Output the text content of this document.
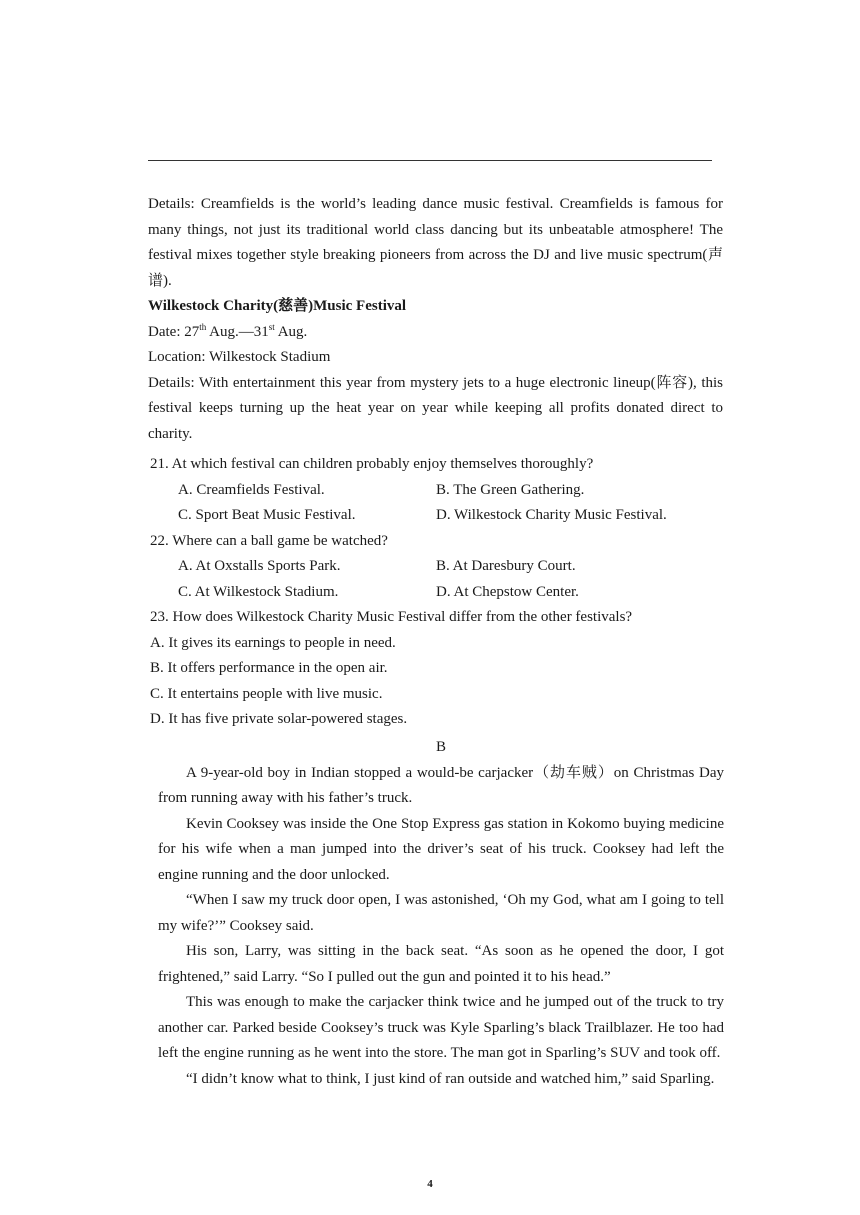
Details: Creamfields is the world’s leading dance music festival. Creamfields is famous for many things, not just its traditional world class dancing but its unbeatable atmosphere! The festival mixes together style breaking pioneers from across the DJ and live music spectrum(声谱).

Wilkestock Charity(慈善)Music Festival

Date: 27th Aug.—31st Aug.

Location: Wilkestock Stadium

Details: With entertainment this year from mystery jets to a huge electronic lineup(阵容), this festival keeps turning up the heat year on year while keeping all profits donated direct to charity.

21. At which festival can children probably enjoy themselves thoroughly?

A. Creamfields Festival.	B. The Green Gathering.
C. Sport Beat Music Festival.	D. Wilkestock Charity Music Festival.

22. Where can a ball game be watched?

A. At Oxstalls Sports Park.	B. At Daresbury Court.
C. At Wilkestock Stadium.	D. At Chepstow Center.

23. How does Wilkestock Charity Music Festival differ from the other festivals?

A. It gives its earnings to people in need.

B. It offers performance in the open air.

C. It entertains people with live music.

D. It has five private solar-powered stages.

B

A 9-year-old boy in Indian stopped a would-be carjacker（劫车贼）on Christmas Day from running away with his father’s truck.

Kevin Cooksey was inside the One Stop Express gas station in Kokomo buying medicine for his wife when a man jumped into the driver’s seat of his truck. Cooksey had left the engine running and the door unlocked.

“When I saw my truck door open, I was astonished, ‘Oh my God, what am I going to tell my wife?’” Cooksey said.

His son, Larry, was sitting in the back seat. “As soon as he opened the door, I got frightened,” said Larry. “So I pulled out the gun and pointed it to his head.”

This was enough to make the carjacker think twice and he jumped out of the truck to try another car. Parked beside Cooksey’s truck was Kyle Sparling’s black Trailblazer. He too had left the engine running as he went into the store. The man got in Sparling’s SUV and took off.

“I didn’t know what to think, I just kind of ran outside and watched him,” said Sparling.

4
